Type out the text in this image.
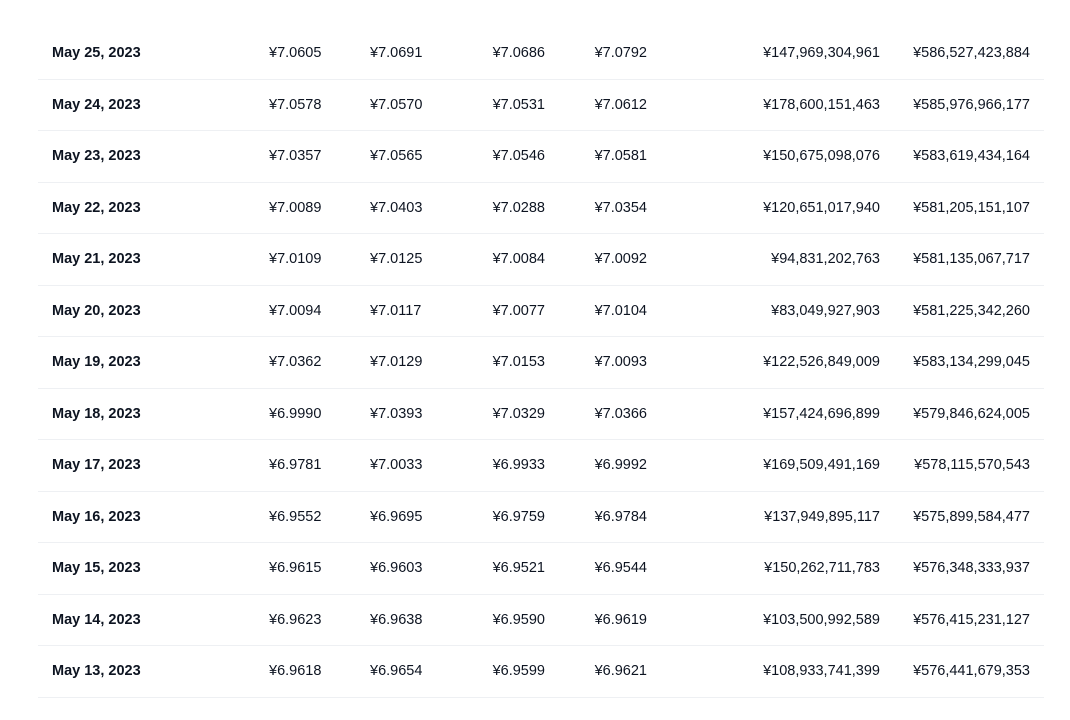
May 25, 2023	¥7.0605	¥7.0691	¥7.0686	¥7.0792	¥147,969,304,961 ¥586,527,423,884
May 24, 2023	¥7.0578	¥7.0570	¥7.0531	¥7.0612	¥178,600,151,463 ¥585,976,966,177
May 23, 2023	¥7.0357	¥7.0565	¥7.0546	¥7.0581	¥150,675,098,076 ¥583,619,434,164
May 22, 2023	¥7.0089	¥7.0403	¥7.0288	¥7.0354	¥120,651,017,940 ¥581,205,151,107
May 21, 2023	¥7.0109	¥7.0125	¥7.0084	¥7.0092	¥94,831,202,763 ¥581,135,067,717
May 20, 2023	¥7.0094	¥7.0117	¥7.0077	¥7.0104	¥83,049,927,903 ¥581,225,342,260
May 19, 2023	¥7.0362	¥7.0129	¥7.0153	¥7.0093	¥122,526,849,009 ¥583,134,299,045
May 18, 2023	¥6.9990	¥7.0393	¥7.0329	¥7.0366	¥157,424,696,899 ¥579,846,624,005
May 17, 2023	¥6.9781	¥7.0033	¥6.9933	¥6.9992	¥169,509,491,169 ¥578,115,570,543
May 16, 2023	¥6.9552	¥6.9695	¥6.9759	¥6.9784	¥137,949,895,117 ¥575,899,584,477
May 15, 2023	¥6.9615	¥6.9603	¥6.9521	¥6.9544	¥150,262,711,783 ¥576,348,333,937
May 14, 2023	¥6.9623	¥6.9638	¥6.9590	¥6.9619	¥103,500,992,589 ¥576,415,231,127
May 13, 2023	¥6.9618	¥6.9654	¥6.9599	¥6.9621	¥108,933,741,399 ¥576,441,679,353
